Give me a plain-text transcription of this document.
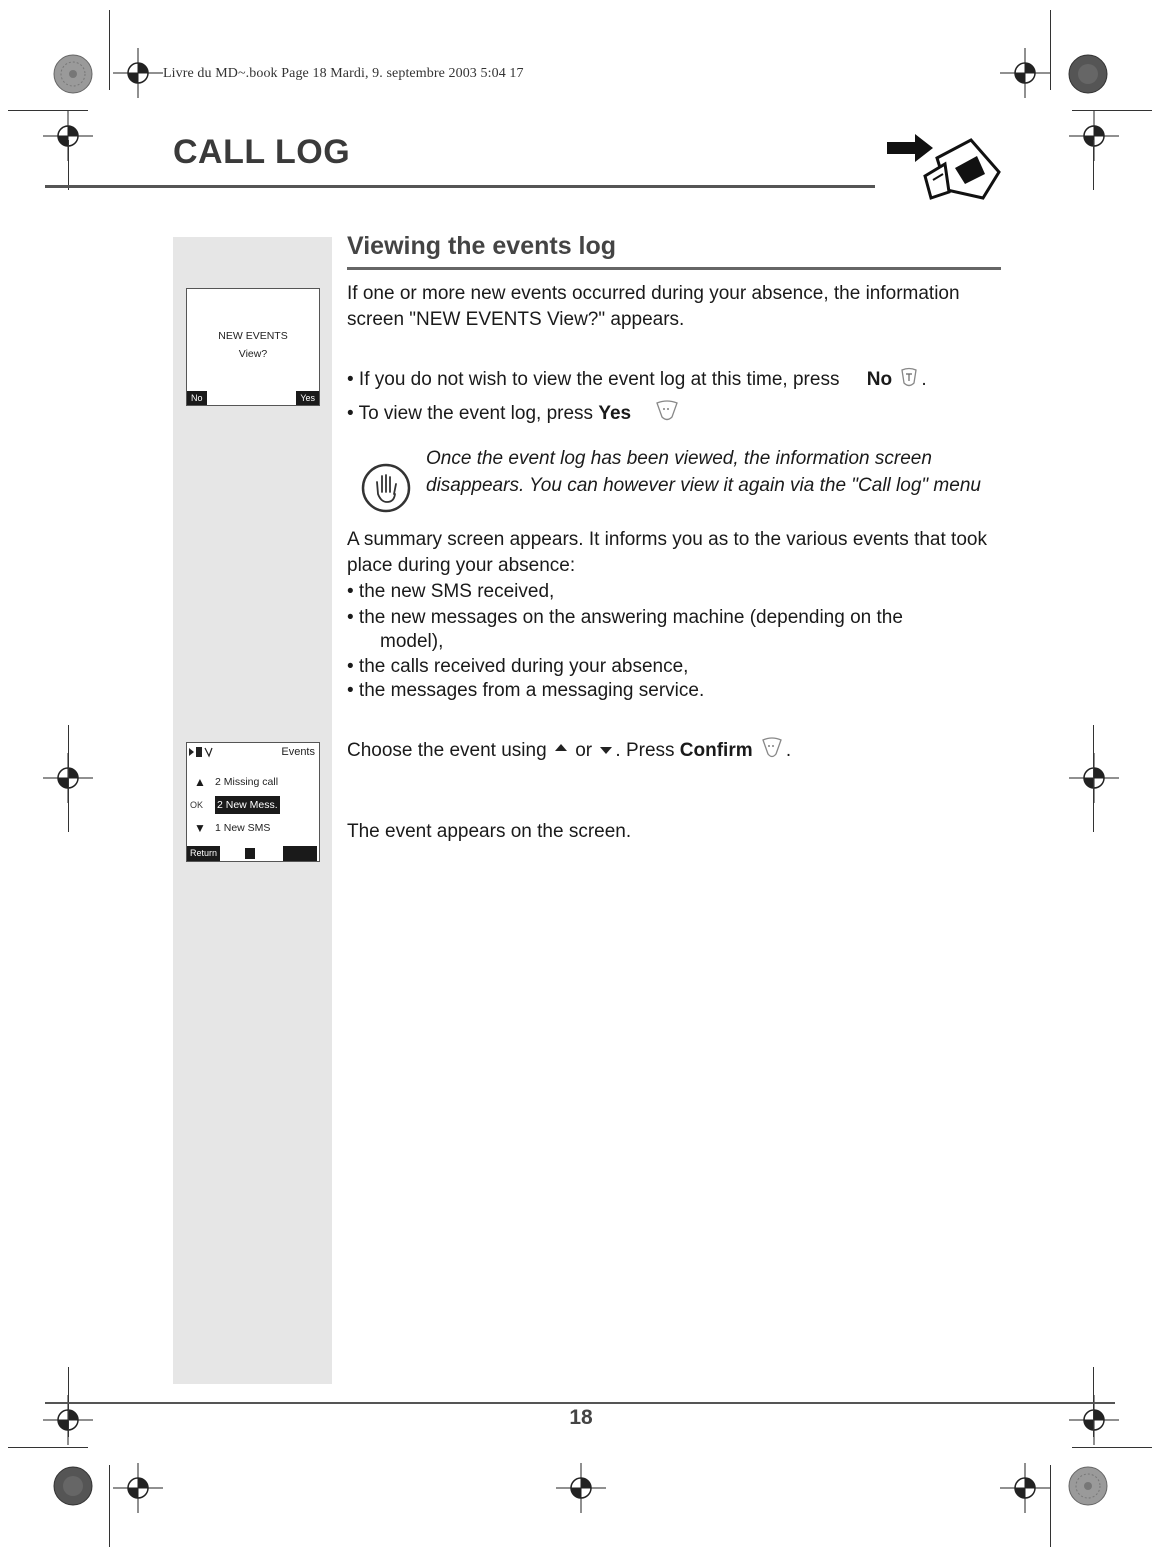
Livre du MD~.book Page 18 Mardi, 9. septembre 2003 5:04 17
CALL LOG
NEW EVENTS
View?
No	Yes
Events
▲ 2 Missing call
OK 2 New Mess.
▼ 1 New SMS
Return
Viewing the events log
If one or more new events occurred during your absence, the information screen "NEW EVENTS View?" appears.
• If you do not wish to view the event log at this time, press No .
• To view the event log, press Yes
Once the event log has been viewed, the information screen disappears. You can however view it again via the "Call log" menu
A summary screen appears. It informs you as to the various events that took place during your absence:
• the new SMS received,
• the new messages on the answering machine (depending on the
model),
• the calls received during your absence,
• the messages from a messaging service.
Choose the event using or . Press Confirm .
The event appears on the screen.
18
